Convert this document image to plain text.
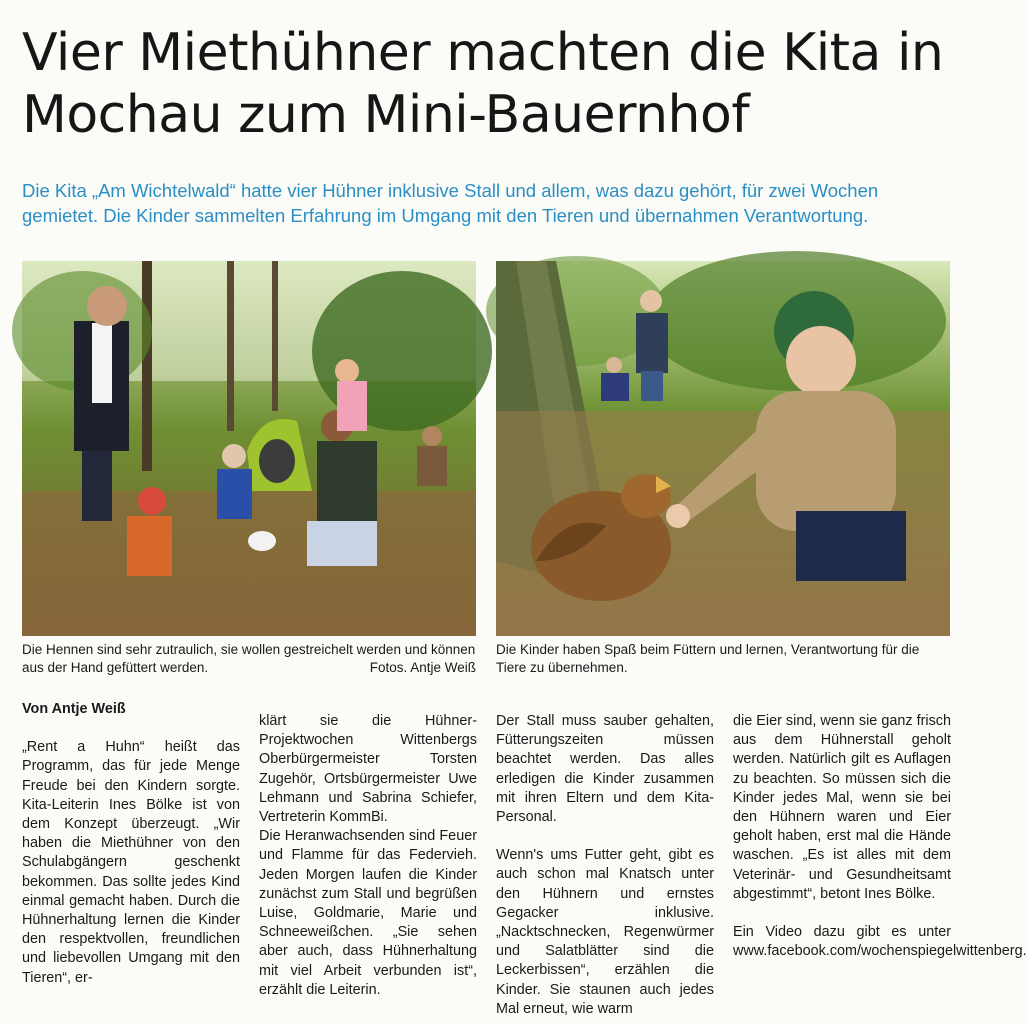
Vier Miethühner machten die Kita in Mochau zum Mini-Bauernhof

Die Kita „Am Wichtelwald“ hatte vier Hühner inklusive Stall und allem, was dazu gehört, für zwei Wochen gemietet. Die Kinder sammelten Erfahrung im Umgang mit den Tieren und übernahmen Verantwortung.

Die Hennen sind sehr zutraulich, sie wollen gestreichelt werden und können aus der Hand gefüttert werden.	Fotos. Antje Weiß
Die Kinder haben Spaß beim Füttern und lernen, Verantwortung für die Tiere zu übernehmen.

Von Antje Weiß

„Rent a Huhn“ heißt das Programm, das für jede Menge Freude bei den Kindern sorgte. Kita-Leiterin Ines Bölke ist von dem Konzept überzeugt. „Wir haben die Miethühner von den Schulabgängern geschenkt bekommen. Das sollte jedes Kind einmal gemacht haben. Durch die Hühnerhaltung lernen die Kinder den respektvollen, freundlichen und liebevollen Umgang mit den Tieren“, er-

klärt sie die Hühner-Projektwochen Wittenbergs Oberbürgermeister Torsten Zugehör, Ortsbürgermeister Uwe Lehmann und Sabrina Schiefer, Vertreterin KommBi.

Die Heranwachsenden sind Feuer und Flamme für das Federvieh. Jeden Morgen laufen die Kinder zunächst zum Stall und begrüßen Luise, Goldmarie, Marie und Schneeweißchen. „Sie sehen aber auch, dass Hühnerhaltung mit viel Arbeit verbunden ist“, erzählt die Leiterin.

Der Stall muss sauber gehalten, Fütterungszeiten müssen beachtet werden. Das alles erledigen die Kinder zusammen mit ihren Eltern und dem Kita-Personal.

Wenn's ums Futter geht, gibt es auch schon mal Knatsch unter den Hühnern und ernstes Gegacker inklusive. „Nacktschnecken, Regenwürmer und Salatblätter sind die Leckerbissen“, erzählen die Kinder. Sie staunen auch jedes Mal erneut, wie warm

die Eier sind, wenn sie ganz frisch aus dem Hühnerstall geholt werden. Natürlich gilt es Auflagen zu beachten. So müssen sich die Kinder jedes Mal, wenn sie bei den Hühnern waren und Eier geholt haben, erst mal die Hände waschen. „Es ist alles mit dem Veterinär- und Gesundheitsamt abgestimmt“, betont Ines Bölke.

Ein Video dazu gibt es unter www.facebook.com/wochenspiegelwittenberg.
